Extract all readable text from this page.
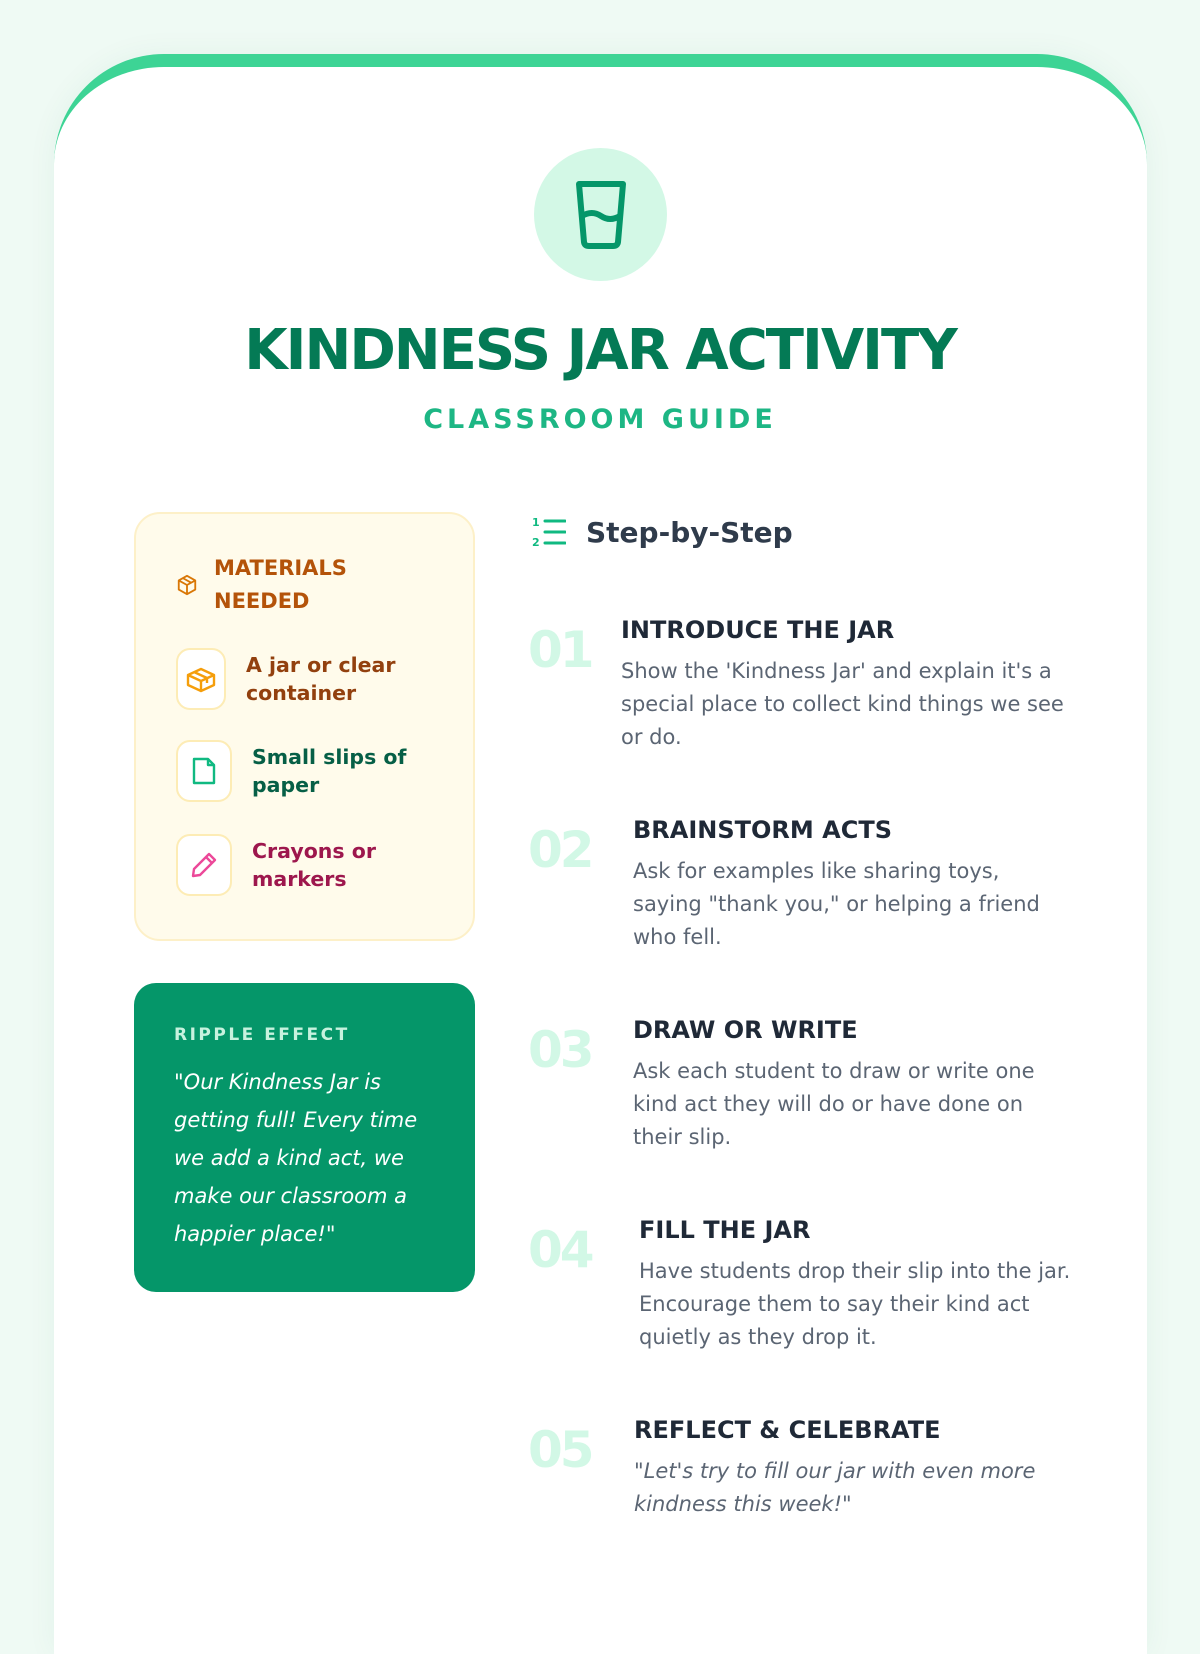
KINDNESS JAR ACTIVITY
CLASSROOM GUIDE
MATERIALS NEEDED
A jar or clear container
Small slips of paper
Crayons or markers
RIPPLE EFFECT
"Our Kindness Jar is getting full! Every time we add a kind act, we make our classroom a happier place!"
1
2 Step-by-Step
01 INTRODUCE THE JAR
Show the 'Kindness Jar' and explain it's a special place to collect kind things we see or do.
02 BRAINSTORM ACTS
Ask for examples like sharing toys, saying "thank you," or helping a friend who fell.
03 DRAW OR WRITE
Ask each student to draw or write one kind act they will do or have done on their slip.
04 FILL THE JAR
Have students drop their slip into the jar. Encourage them to say their kind act quietly as they drop it.
05 REFLECT & CELEBRATE
"Let's try to fill our jar with even more kindness this week!"
